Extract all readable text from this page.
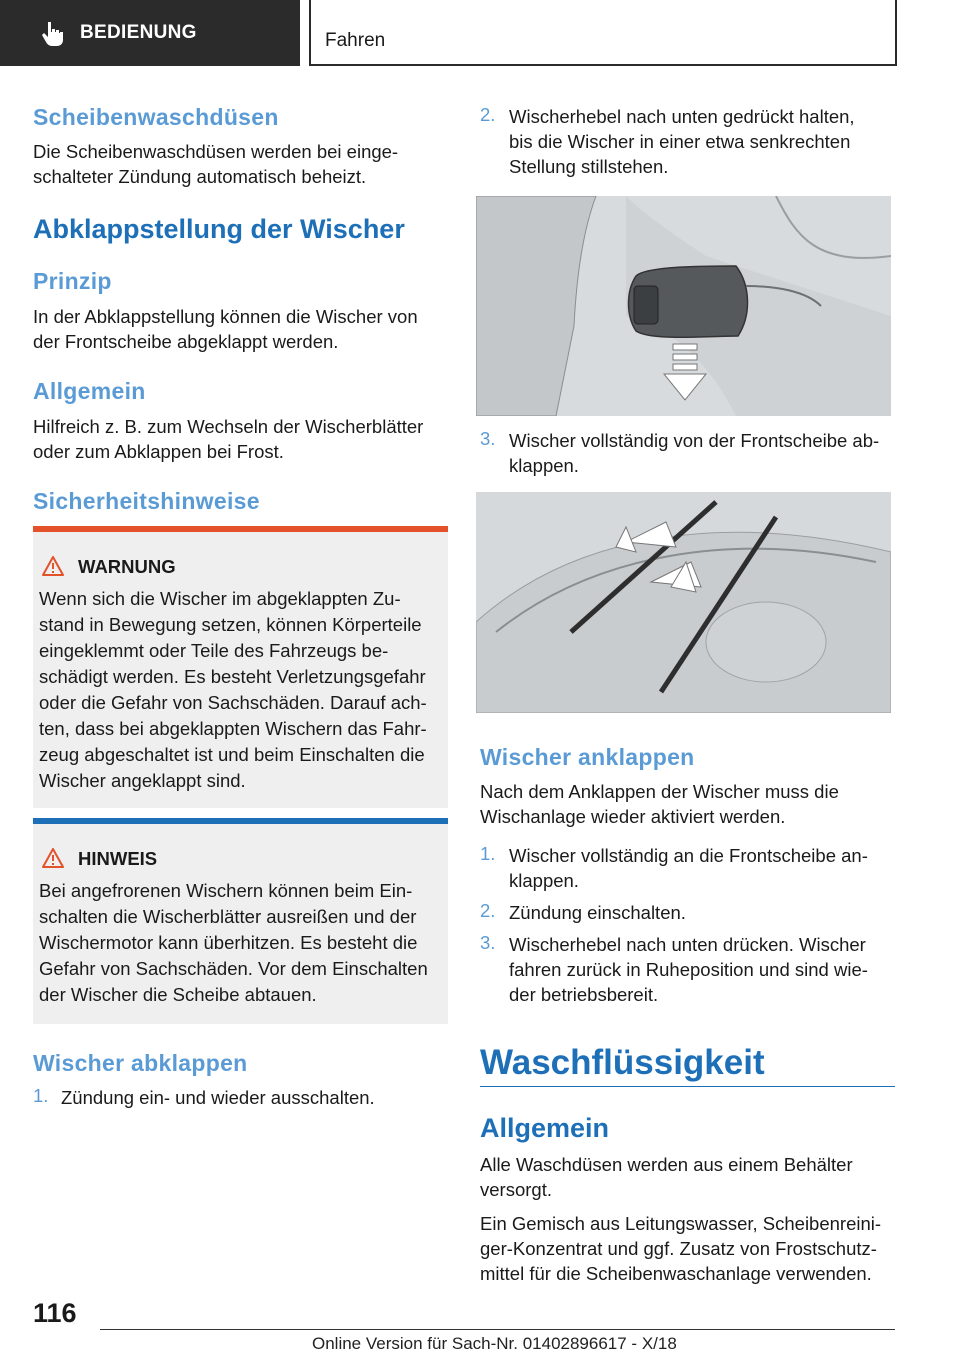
BEDIENUNG	Fahren
Scheibenwaschdüsen
Die Scheibenwaschdüsen werden bei einge-
schalteter Zündung automatisch beheizt.
Abklappstellung der Wischer
Prinzip
In der Abklappstellung können die Wischer von
der Frontscheibe abgeklappt werden.
Allgemein
Hilfreich z. B. zum Wechseln der Wischerblätter
oder zum Abklappen bei Frost.
Sicherheitshinweise
WARNUNG
Wenn sich die Wischer im abgeklappten Zu-
stand in Bewegung setzen, können Körperteile
eingeklemmt oder Teile des Fahrzeugs be-
schädigt werden. Es besteht Verletzungsgefahr
oder die Gefahr von Sachschäden. Darauf ach-
ten, dass bei abgeklappten Wischern das Fahr-
zeug abgeschaltet ist und beim Einschalten die
Wischer angeklappt sind.
HINWEIS
Bei angefrorenen Wischern können beim Ein-
schalten die Wischerblätter ausreißen und der
Wischermotor kann überhitzen. Es besteht die
Gefahr von Sachschäden. Vor dem Einschalten
der Wischer die Scheibe abtauen.
Wischer abklappen
1. Zündung ein- und wieder ausschalten.
2. Wischerhebel nach unten gedrückt halten,
bis die Wischer in einer etwa senkrechten
Stellung stillstehen.
3. Wischer vollständig von der Frontscheibe ab-
klappen.
Wischer anklappen
Nach dem Anklappen der Wischer muss die
Wischanlage wieder aktiviert werden.
1. Wischer vollständig an die Frontscheibe an-
klappen.
2. Zündung einschalten.
3. Wischerhebel nach unten drücken. Wischer
fahren zurück in Ruheposition und sind wie-
der betriebsbereit.
Waschflüssigkeit
Allgemein
Alle Waschdüsen werden aus einem Behälter
versorgt.
Ein Gemisch aus Leitungswasser, Scheibenreini-
ger-Konzentrat und ggf. Zusatz von Frostschutz-
mittel für die Scheibenwaschanlage verwenden.
116
Online Version für Sach-Nr. 01402896617 - X/18
